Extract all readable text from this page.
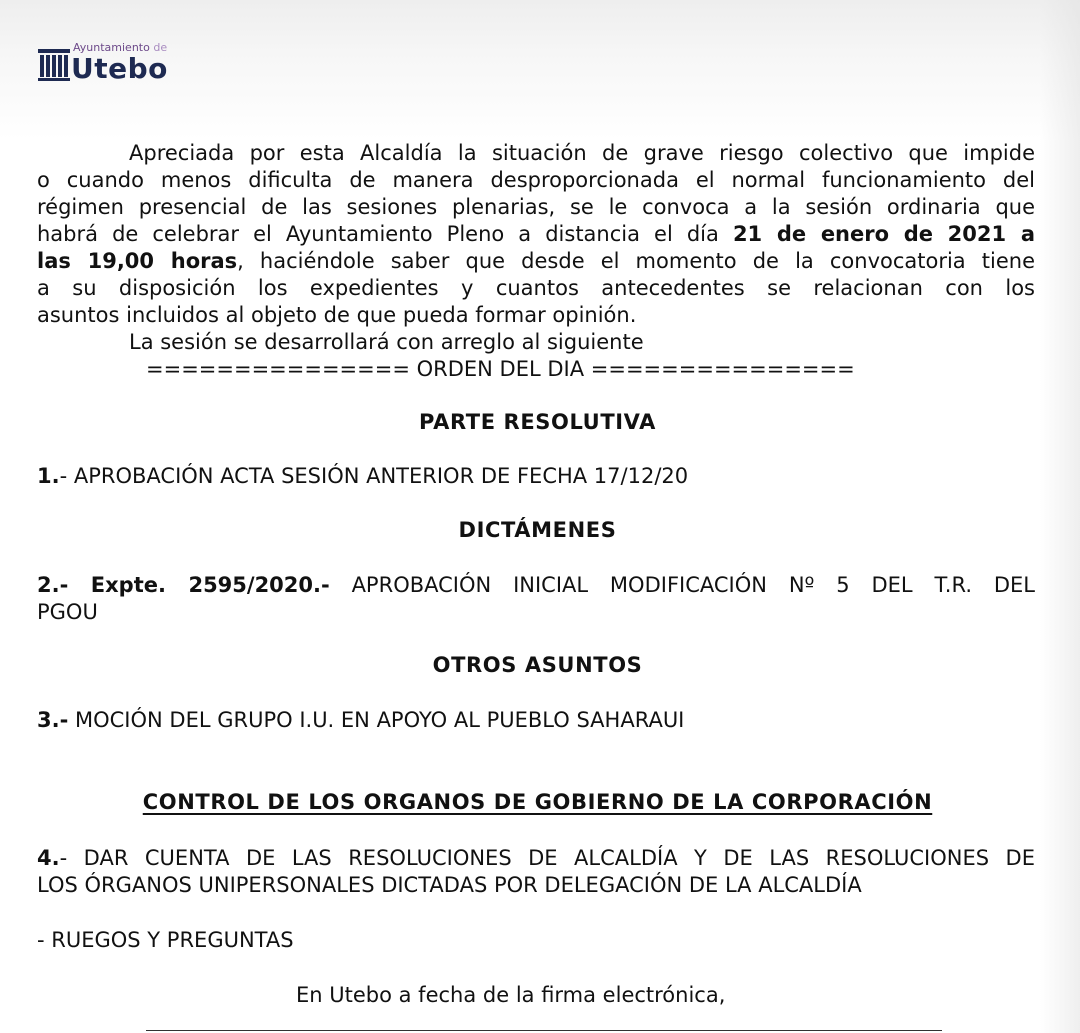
Ayuntamiento de
Utebo
Apreciada por esta Alcaldía la situación de grave riesgo colectivo que impide
o cuando menos dificulta de manera desproporcionada el normal funcionamiento del
régimen presencial de las sesiones plenarias, se le convoca a la sesión ordinaria que
habrá de celebrar el Ayuntamiento Pleno a distancia el día 21 de enero de 2021 a
las 19,00 horas, haciéndole saber que desde el momento de la convocatoria tiene
a su disposición los expedientes y cuantos antecedentes se relacionan con los
asuntos incluidos al objeto de que pueda formar opinión.
La sesión se desarrollará con arreglo al siguiente
=============== ORDEN DEL DIA ===============
PARTE RESOLUTIVA
1.- APROBACIÓN ACTA SESIÓN ANTERIOR DE FECHA 17/12/20
DICTÁMENES
2.- Expte. 2595/2020.- APROBACIÓN INICIAL MODIFICACIÓN Nº 5 DEL T.R. DEL
PGOU
OTROS ASUNTOS
3.- MOCIÓN DEL GRUPO I.U. EN APOYO AL PUEBLO SAHARAUI
CONTROL DE LOS ORGANOS DE GOBIERNO DE LA CORPORACIÓN
4.- DAR CUENTA DE LAS RESOLUCIONES DE ALCALDÍA Y DE LAS RESOLUCIONES DE
LOS ÓRGANOS UNIPERSONALES DICTADAS POR DELEGACIÓN DE LA ALCALDÍA
- RUEGOS Y PREGUNTAS
En Utebo a fecha de la firma electrónica,
